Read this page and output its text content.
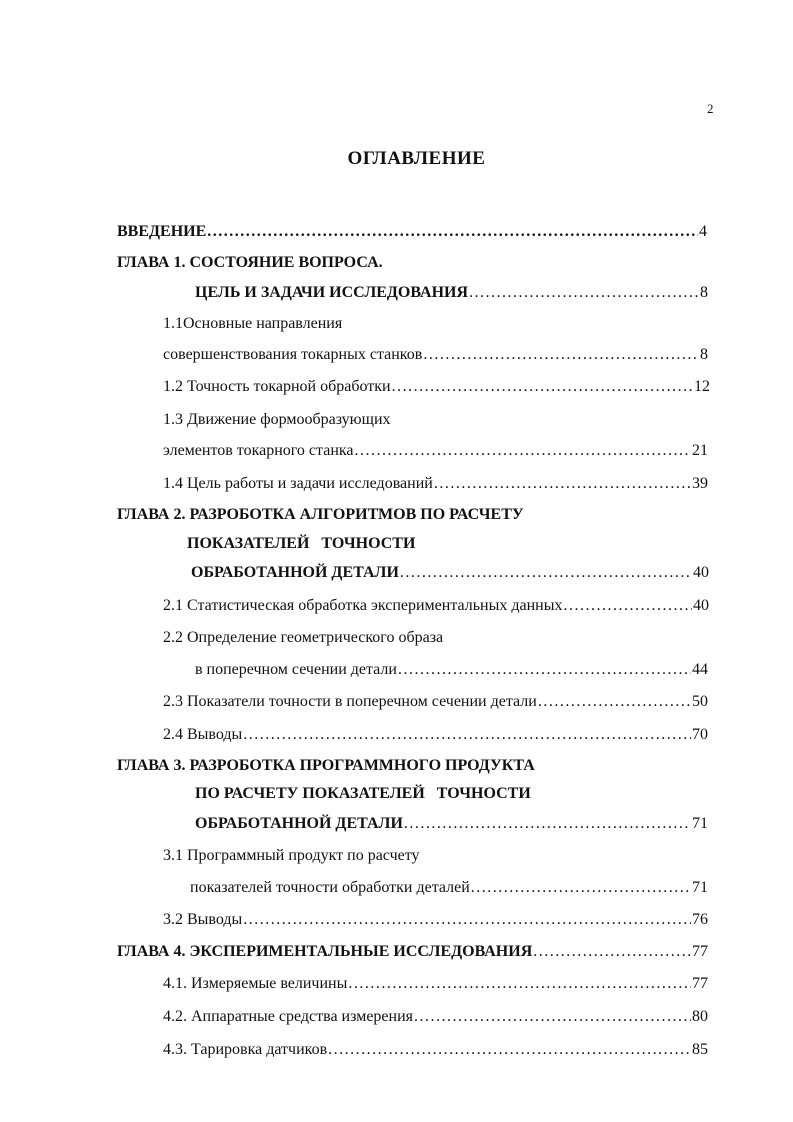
2
ОГЛАВЛЕНИЕ
ВВЕДЕНИЕ .....	4
ГЛАВА 1. СОСТОЯНИЕ ВОПРОСА.
ЦЕЛЬ И ЗАДАЧИ ИССЛЕДОВАНИЯ .....	8
1.1Основные направления
совершенствования токарных станков .....	8
1.2 Точность токарной обработки .....	12
1.3 Движение формообразующих
элементов токарного станка .....	21
1.4 Цель работы и задачи исследований .....	39
ГЛАВА 2. РАЗРОБОТКА АЛГОРИТМОВ ПО РАСЧЕТУ
ПОКАЗАТЕЛЕЙ   ТОЧНОСТИ
ОБРАБОТАННОЙ ДЕТАЛИ .....	40
2.1 Статистическая обработка экспериментальных данных .....	40
2.2 Определение геометрического образа
в поперечном сечении детали .....	44
2.3 Показатели точности в поперечном сечении детали .....	50
2.4 Выводы .....	70
ГЛАВА 3. РАЗРОБОТКА ПРОГРАММНОГО ПРОДУКТА
ПО РАСЧЕТУ ПОКАЗАТЕЛЕЙ   ТОЧНОСТИ
ОБРАБОТАННОЙ ДЕТАЛИ .....	71
3.1 Программный продукт по расчету
показателей точности обработки деталей .....	71
3.2 Выводы .....	76
ГЛАВА 4. ЭКСПЕРИМЕНТАЛЬНЫЕ ИССЛЕДОВАНИЯ .....	77
4.1. Измеряемые величины .....	77
4.2. Аппаратные средства измерения .....	80
4.3. Тарировка датчиков .....	85
